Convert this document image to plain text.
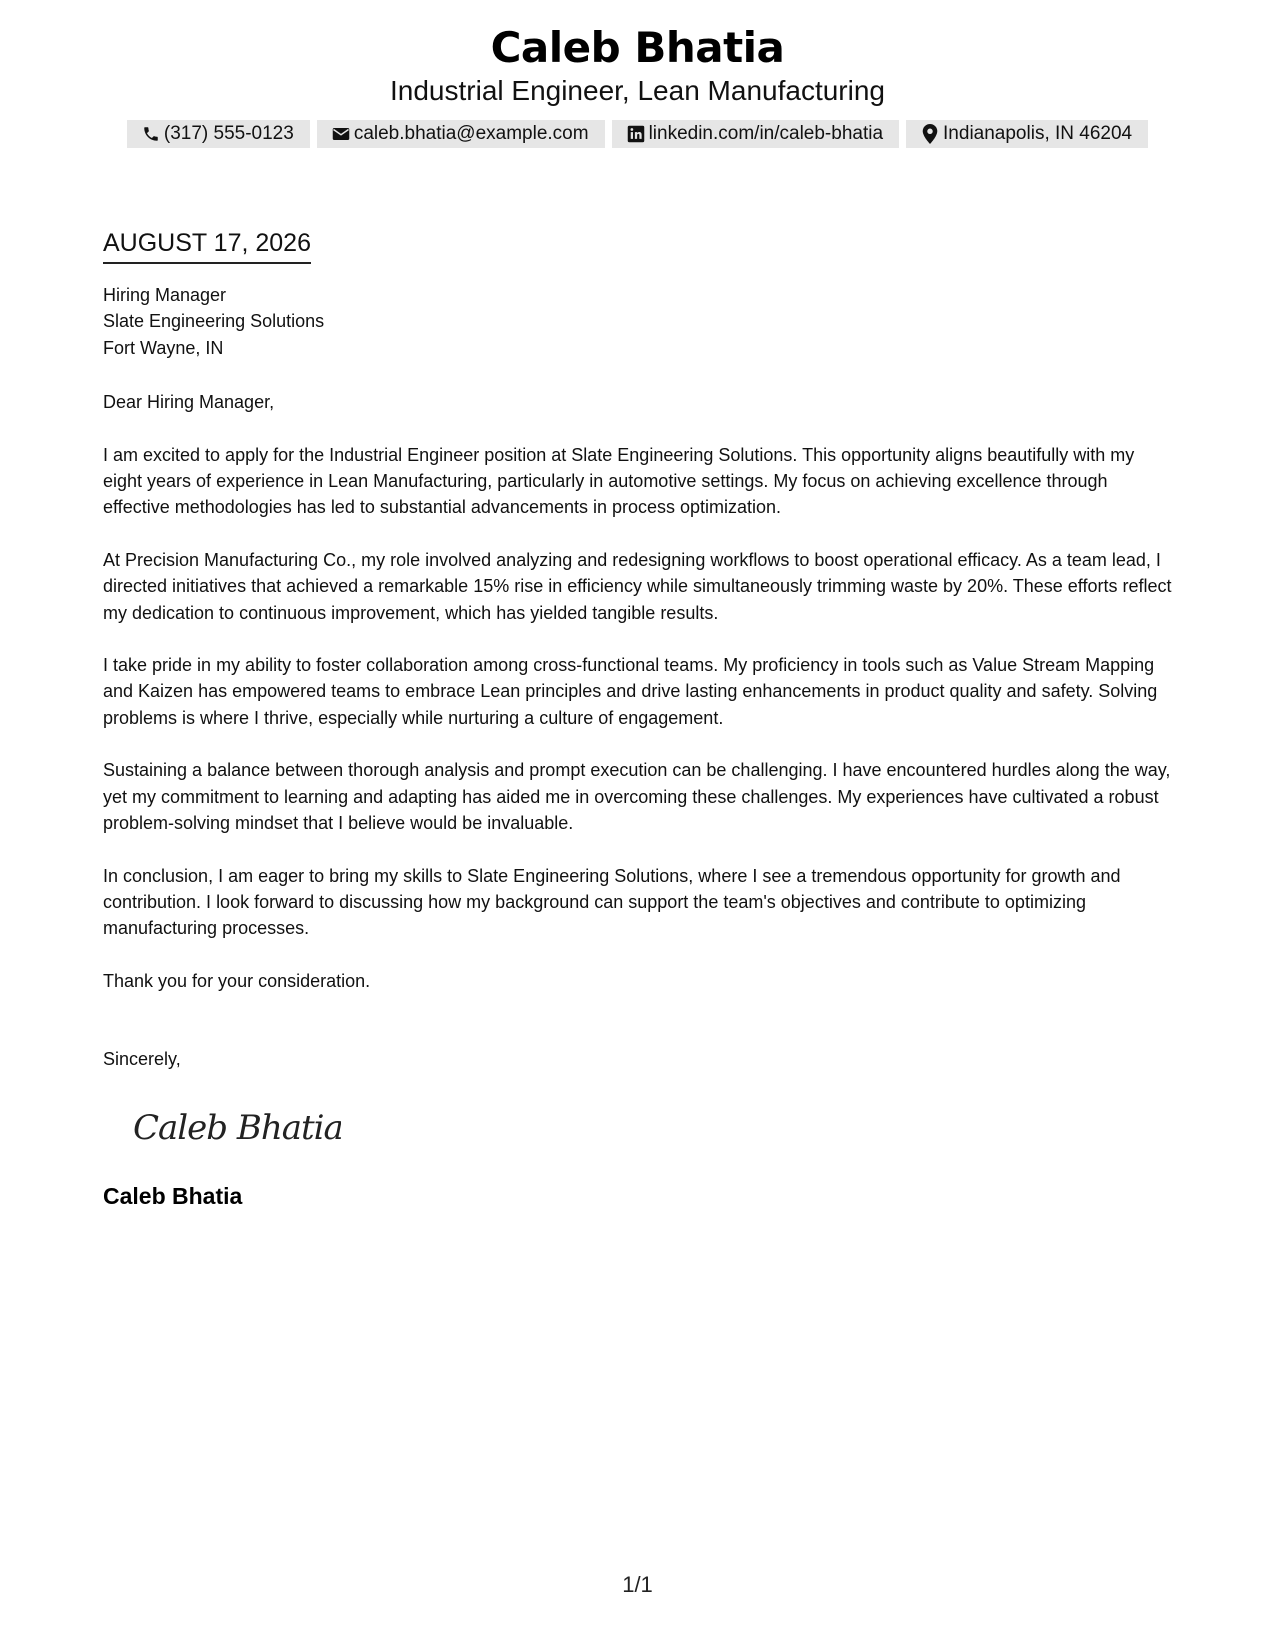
Caleb Bhatia
Industrial Engineer, Lean Manufacturing
(317) 555-0123	caleb.bhatia@example.com	linkedin.com/in/caleb-bhatia	Indianapolis, IN 46204
AUGUST 17, 2026
Hiring Manager
Slate Engineering Solutions
Fort Wayne, IN
Dear Hiring Manager,

I am excited to apply for the Industrial Engineer position at Slate Engineering Solutions. This opportunity aligns beautifully with my eight years of experience in Lean Manufacturing, particularly in automotive settings. My focus on achieving excellence through effective methodologies has led to substantial advancements in process optimization.

At Precision Manufacturing Co., my role involved analyzing and redesigning workflows to boost operational efficacy. As a team lead, I directed initiatives that achieved a remarkable 15% rise in efficiency while simultaneously trimming waste by 20%. These efforts reflect my dedication to continuous improvement, which has yielded tangible results.

I take pride in my ability to foster collaboration among cross-functional teams. My proficiency in tools such as Value Stream Mapping and Kaizen has empowered teams to embrace Lean principles and drive lasting enhancements in product quality and safety. Solving problems is where I thrive, especially while nurturing a culture of engagement.

Sustaining a balance between thorough analysis and prompt execution can be challenging. I have encountered hurdles along the way, yet my commitment to learning and adapting has aided me in overcoming these challenges. My experiences have cultivated a robust problem-solving mindset that I believe would be invaluable.

In conclusion, I am eager to bring my skills to Slate Engineering Solutions, where I see a tremendous opportunity for growth and contribution. I look forward to discussing how my background can support the team's objectives and contribute to optimizing manufacturing processes.

Thank you for your consideration.

Sincerely,
Caleb Bhatia
Caleb Bhatia
1/1
